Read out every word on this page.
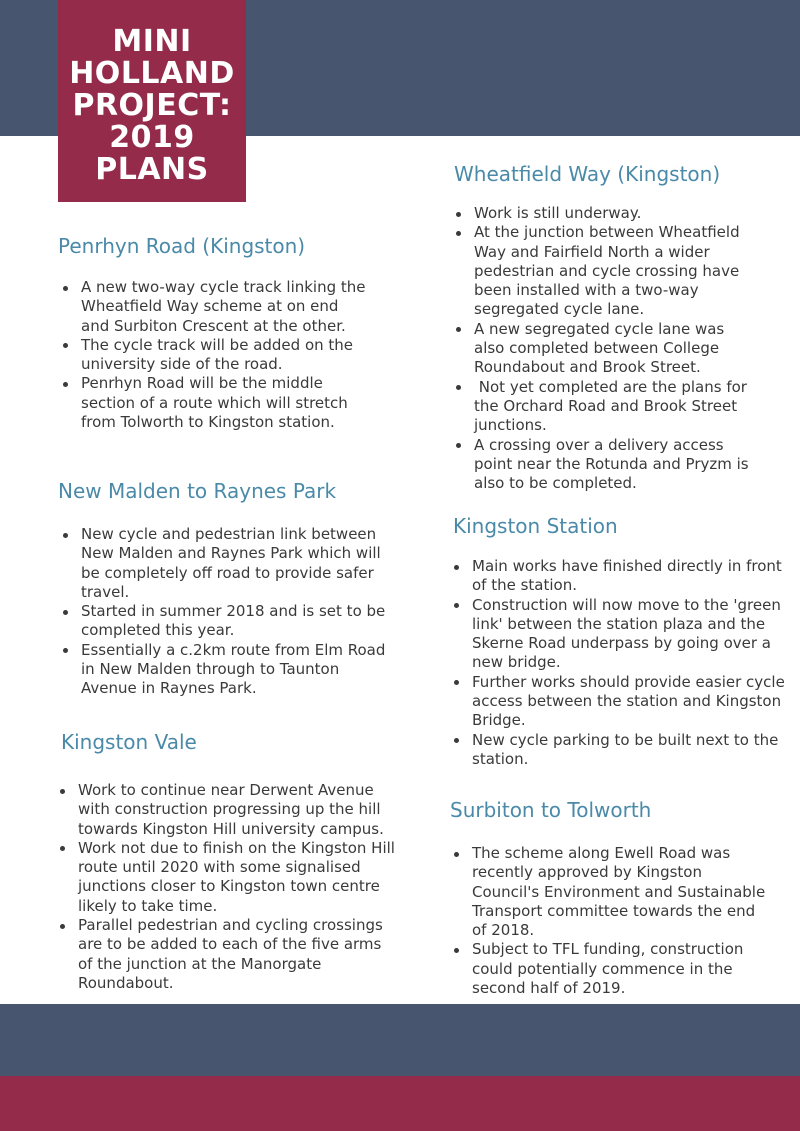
MINI
HOLLAND
PROJECT:
2019
PLANS
Penrhyn Road (Kingston)
A new two-way cycle track linking the Wheatfield Way scheme at on end and Surbiton Crescent at the other.
The cycle track will be added on the university side of the road.
Penrhyn Road will be the middle section of a route which will stretch from Tolworth to Kingston station.
New Malden to Raynes Park
New cycle and pedestrian link between New Malden and Raynes Park which will be completely off road to provide safer travel.
Started in summer 2018 and is set to be completed this year.
Essentially a c.2km route from Elm Road in New Malden through to Taunton Avenue in Raynes Park.
Kingston Vale
Work to continue near Derwent Avenue with construction progressing up the hill towards Kingston Hill university campus.
Work not due to finish on the Kingston Hill route until 2020 with some signalised junctions closer to Kingston town centre likely to take time.
Parallel pedestrian and cycling crossings are to be added to each of the five arms of the junction at the Manorgate Roundabout.
Wheatfield Way (Kingston)
Work is still underway.
At the junction between Wheatfield Way and Fairfield North a wider pedestrian and cycle crossing have been installed with a two-way segregated cycle lane.
A new segregated cycle lane was also completed between College Roundabout and Brook Street.
Not yet completed are the plans for the Orchard Road and Brook Street junctions.
A crossing over a delivery access point near the Rotunda and Pryzm is also to be completed.
Kingston Station
Main works have finished directly in front of the station.
Construction will now move to the 'green link' between the station plaza and the Skerne Road underpass by going over a new bridge.
Further works should provide easier cycle access between the station and Kingston Bridge.
New cycle parking to be built next to the station.
Surbiton to Tolworth
The scheme along Ewell Road was recently approved by Kingston Council's Environment and Sustainable Transport committee towards the end of 2018.
Subject to TFL funding, construction could potentially commence in the second half of 2019.
